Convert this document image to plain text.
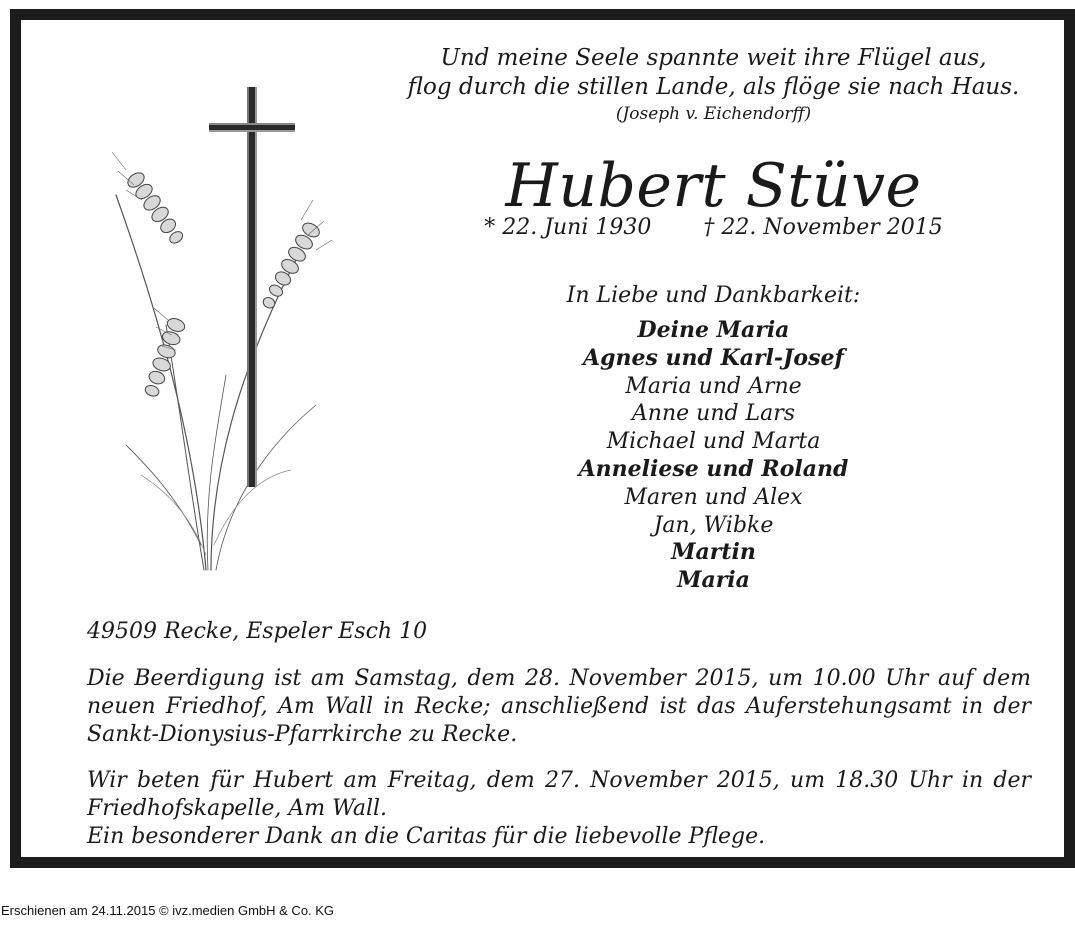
Und meine Seele spannte weit ihre Flügel aus,
flog durch die stillen Lande, als flöge sie nach Haus.
(Joseph v. Eichendorff)
Hubert Stüve
* 22. Juni 1930 † 22. November 2015
In Liebe und Dankbarkeit:
Deine Maria
Agnes und Karl-Josef
Maria und Arne
Anne und Lars
Michael und Marta
Anneliese und Roland
Maren und Alex
Jan, Wibke
Martin
Maria
49509 Recke, Espeler Esch 10
Die Beerdigung ist am Samstag, dem 28. November 2015, um 10.00 Uhr auf dem neuen Friedhof, Am Wall in Recke; anschließend ist das Auferstehungsamt in der Sankt-Dionysius-Pfarrkirche zu Recke.
Wir beten für Hubert am Freitag, dem 27. November 2015, um 18.30 Uhr in der Friedhofskapelle, Am Wall.
Ein besonderer Dank an die Caritas für die liebevolle Pflege.
Erschienen am 24.11.2015 © ivz.medien GmbH & Co. KG
